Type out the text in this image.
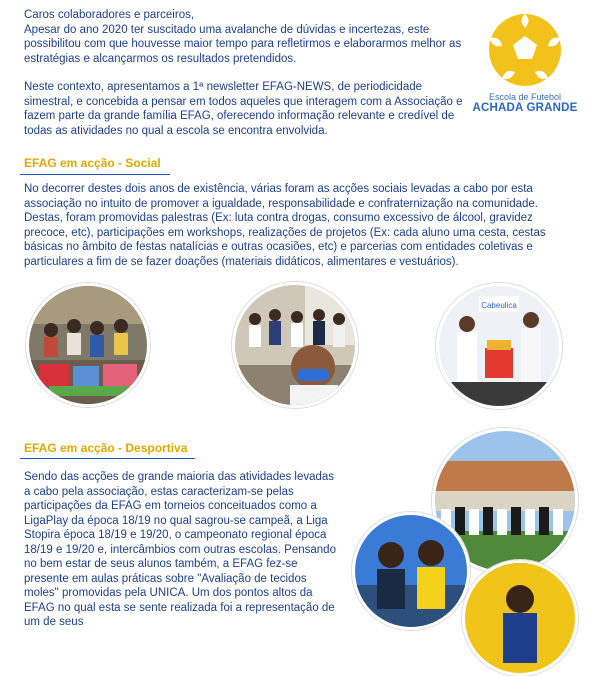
Caros colaboradores e parceiros,
Apesar do ano 2020 ter suscitado uma avalanche de dúvidas e incertezas, este possibilitou com que houvesse maior tempo para refletirmos e elaborarmos melhor as estratégias e alcançarmos os resultados pretendidos.

Neste contexto, apresentamos a 1ª newsletter EFAG-NEWS, de periodicidade simestral, e concebida a pensar em todos aqueles que interagem com a Associação e fazem parte da grande família EFAG, oferecendo informação relevante e credível de todas as atividades no qual a escola se encontra envolvida.

Escola de Futebol
ACHADA GRANDE
EFAG em acção - Social
No decorrer destes dois anos de existência, várias foram as acções sociais levadas a cabo por esta associação no intuito de promover a igualdade, responsabilidade e confraternização na comunidade. Destas, foram promovidas palestras (Ex: luta contra drogas, consumo excessivo de álcool, gravidez precoce, etc), participações em workshops, realizações de projetos (Ex: cada aluno uma cesta, cestas básicas no âmbito de festas natalícias e outras ocasiões, etc) e parcerias com entidades coletivas e particulares a fim de se fazer doações (materiais didáticos, alimentares e vestuários).
Cabeulica
EFAG em acção - Desportiva
Sendo das acções de grande maioria das atividades levadas a cabo pela associação, estas caracterizam-se pelas participações da EFAG em torneios conceituados como a LigaPlay da época 18/19 no qual sagrou-se campeã, a Liga Stopira época 18/19 e 19/20, o campeonato regional época 18/19 e 19/20 e, intercâmbios com outras escolas. Pensando no bem estar de seus alunos também, a EFAG fez-se presente em aulas práticas sobre "Avaliação de tecidos moles" promovidas pela UNICA. Um dos pontos altos da EFAG no qual esta se sente realizada foi a representação de um de seus
